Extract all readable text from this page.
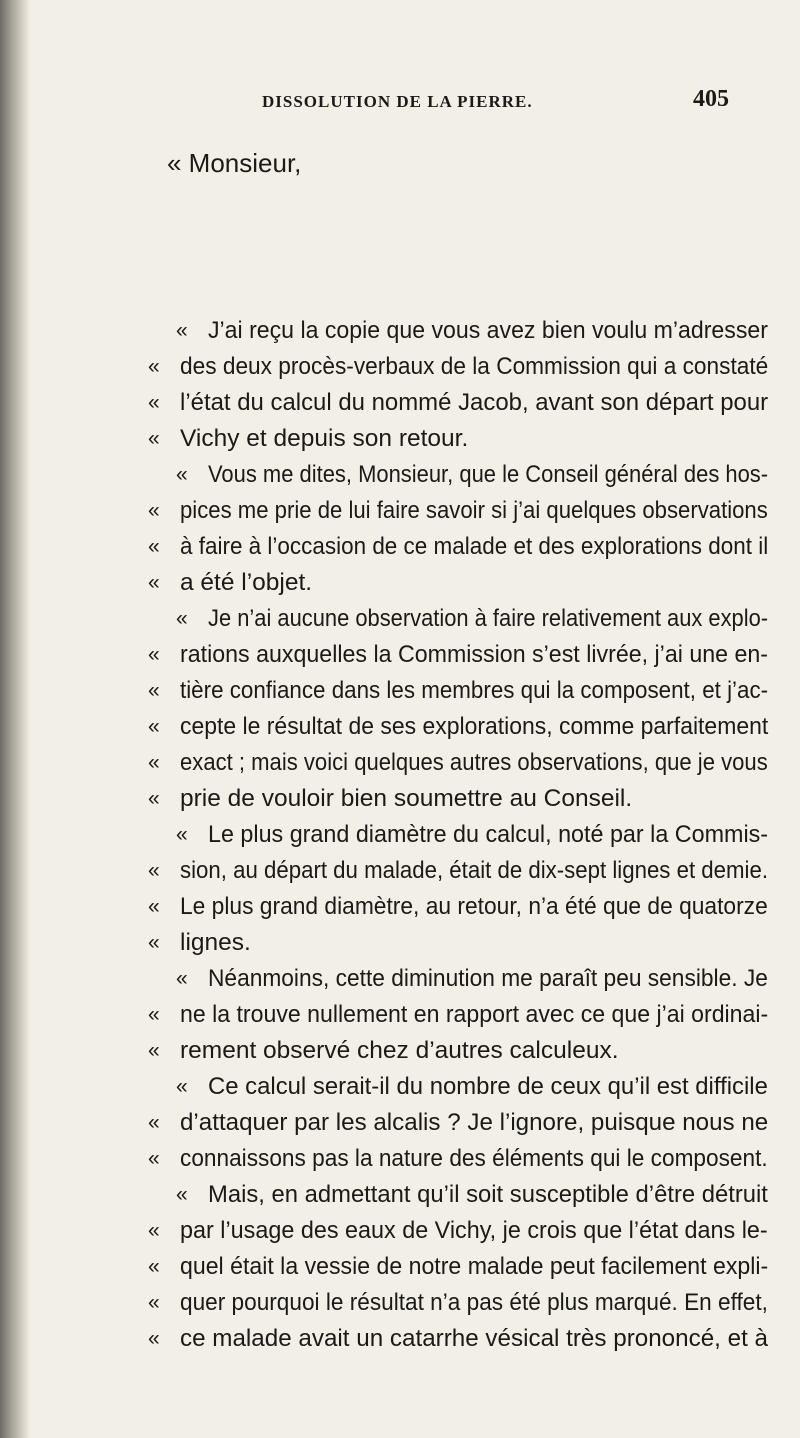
DISSOLUTION DE LA PIERRE.	405
« Monsieur,
« J’ai reçu la copie que vous avez bien voulu m’adresser
« des deux procès-verbaux de la Commission qui a constaté
« l’état du calcul du nommé Jacob, avant son départ pour
« Vichy et depuis son retour.
« Vous me dites, Monsieur, que le Conseil général des hos-
« pices me prie de lui faire savoir si j’ai quelques observations
« à faire à l’occasion de ce malade et des explorations dont il
« a été l’objet.
« Je n’ai aucune observation à faire relativement aux explo-
« rations auxquelles la Commission s’est livrée, j’ai une en-
« tière confiance dans les membres qui la composent, et j’ac-
« cepte le résultat de ses explorations, comme parfaitement
« exact ; mais voici quelques autres observations, que je vous
« prie de vouloir bien soumettre au Conseil.
« Le plus grand diamètre du calcul, noté par la Commis-
« sion, au départ du malade, était de dix-sept lignes et demie.
« Le plus grand diamètre, au retour, n’a été que de quatorze
« lignes.
« Néanmoins, cette diminution me paraît peu sensible. Je
« ne la trouve nullement en rapport avec ce que j’ai ordinai-
« rement observé chez d’autres calculeux.
« Ce calcul serait-il du nombre de ceux qu’il est difficile
« d’attaquer par les alcalis ? Je l’ignore, puisque nous ne
« connaissons pas la nature des éléments qui le composent.
« Mais, en admettant qu’il soit susceptible d’être détruit
« par l’usage des eaux de Vichy, je crois que l’état dans le-
« quel était la vessie de notre malade peut facilement expli-
« quer pourquoi le résultat n’a pas été plus marqué. En effet,
« ce malade avait un catarrhe vésical très prononcé, et à
